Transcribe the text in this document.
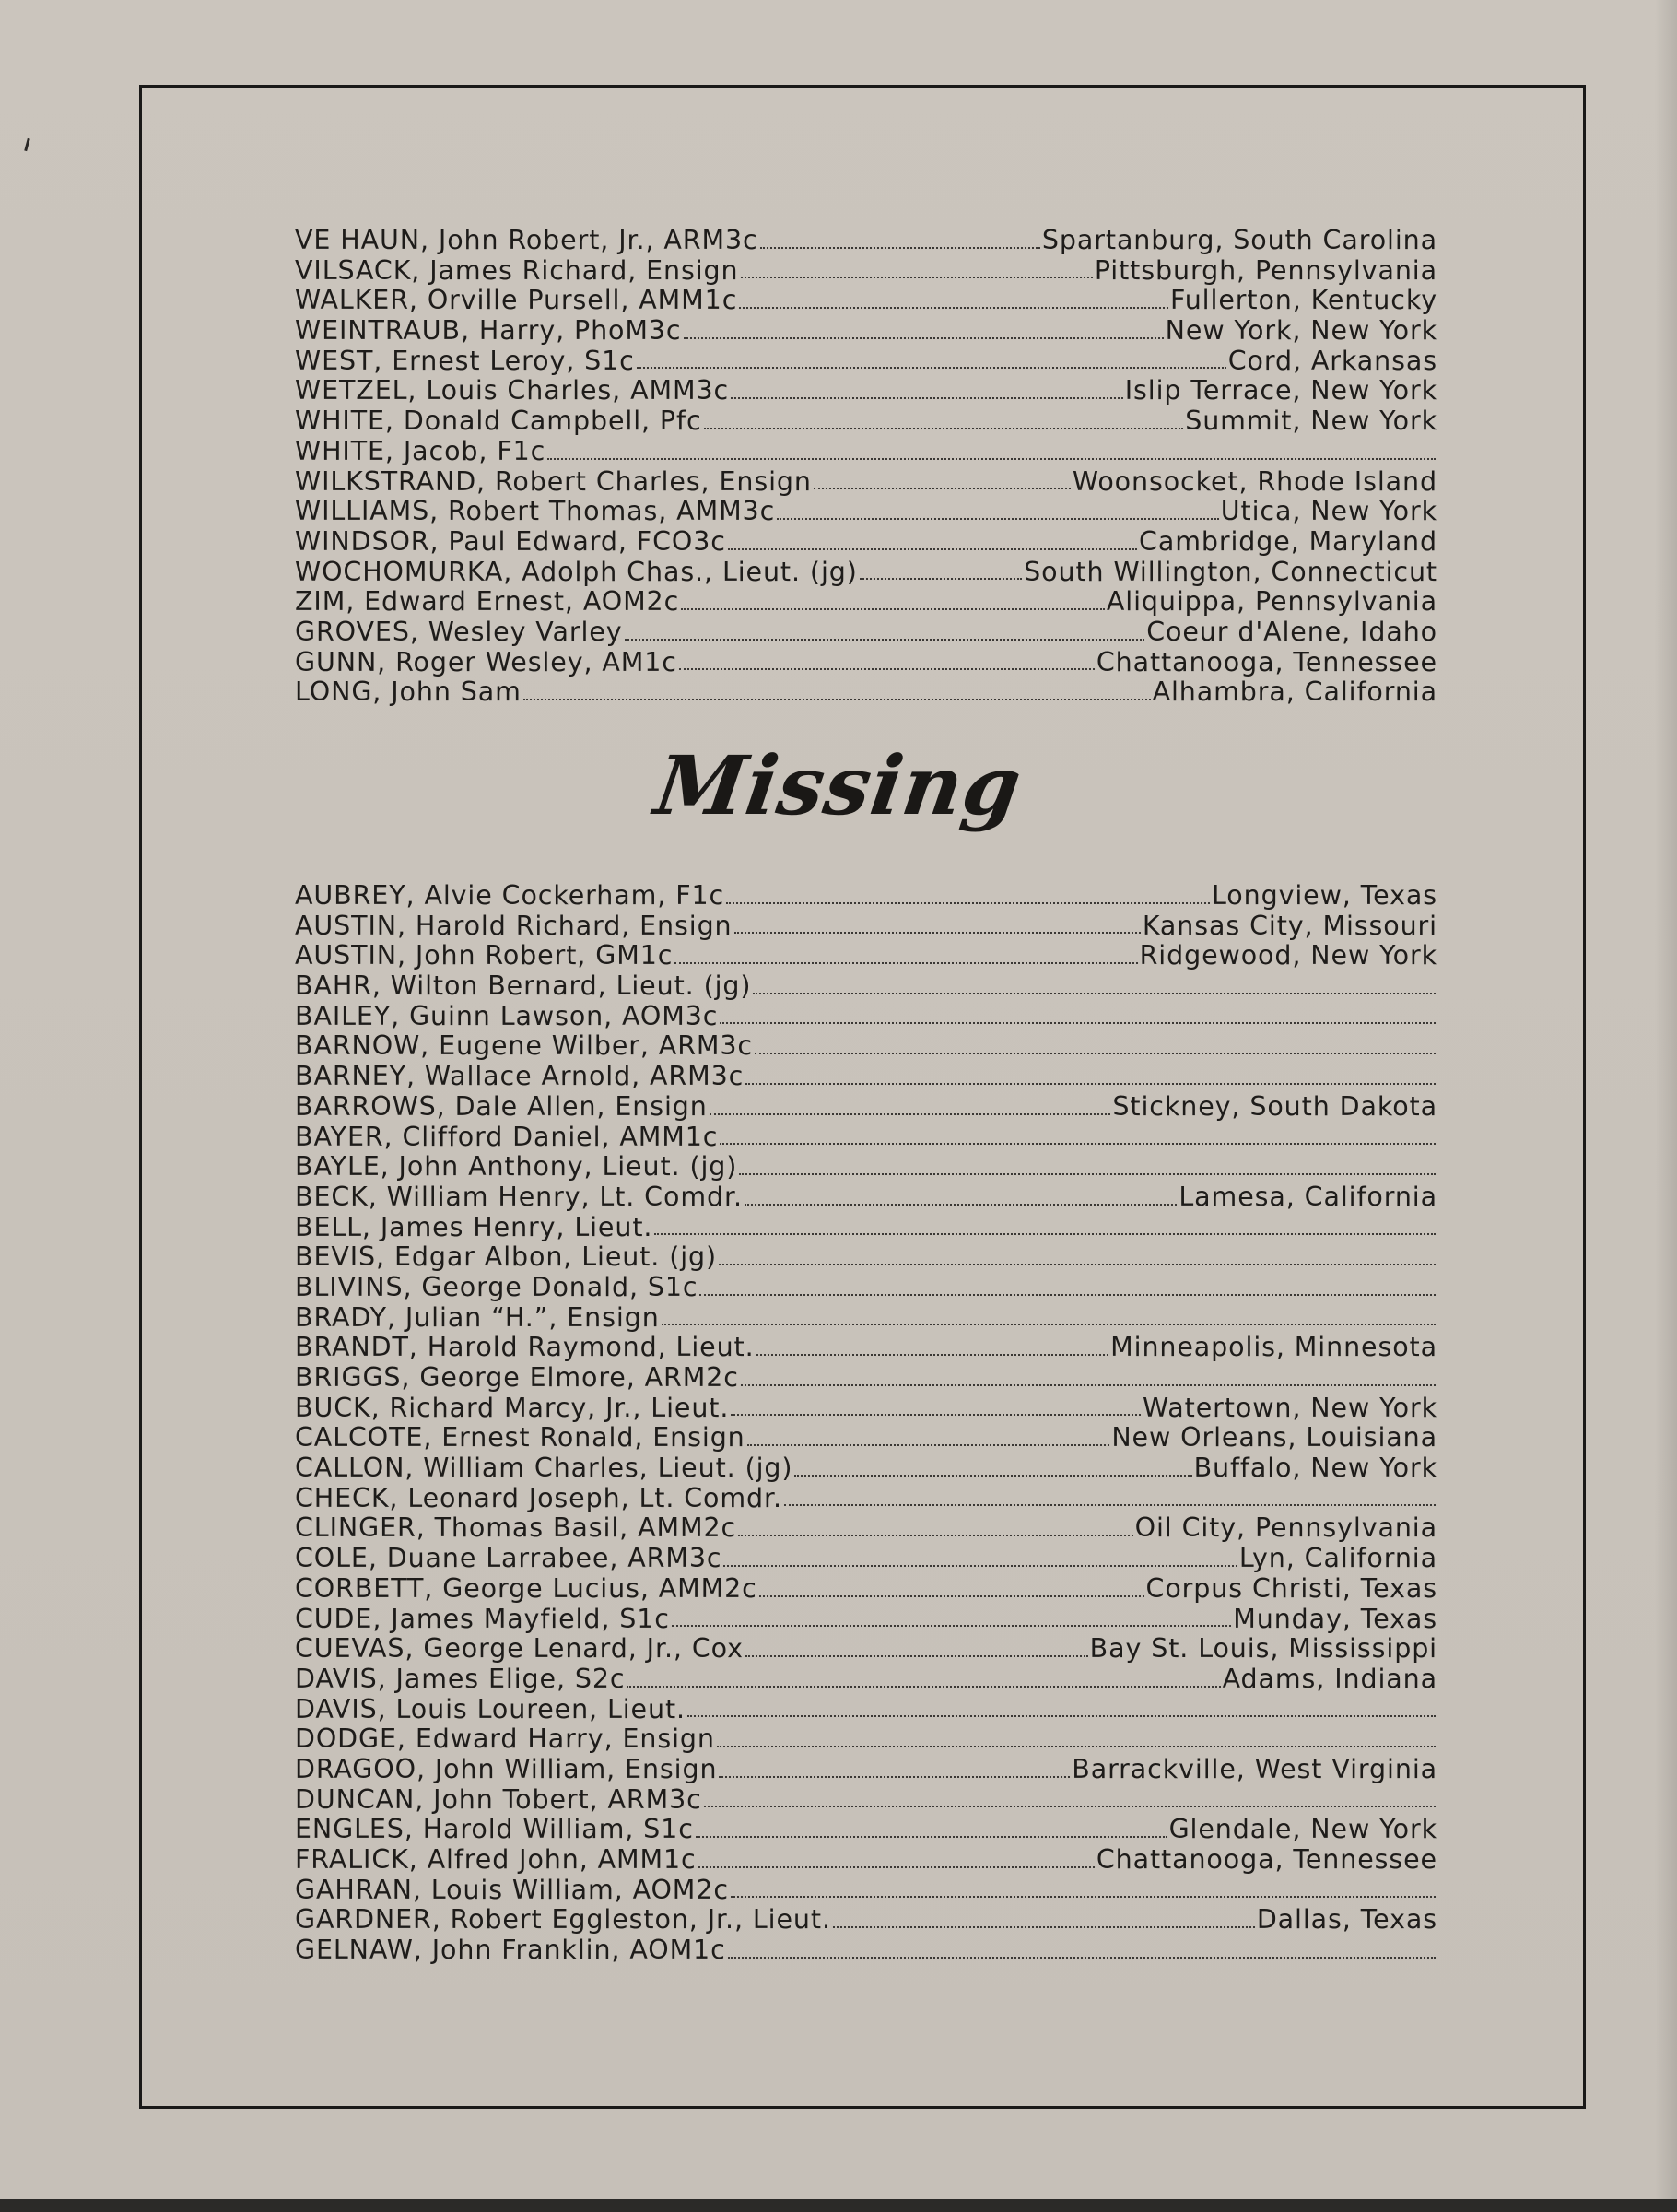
VE HAUN, John Robert, Jr., ARM3c	Spartanburg, South Carolina
VILSACK, James Richard, Ensign	Pittsburgh, Pennsylvania
WALKER, Orville Pursell, AMM1c	Fullerton, Kentucky
WEINTRAUB, Harry, PhoM3c	New York, New York
WEST, Ernest Leroy, S1c	Cord, Arkansas
WETZEL, Louis Charles, AMM3c	Islip Terrace, New York
WHITE, Donald Campbell, Pfc	Summit, New York
WHITE, Jacob, F1c
WILKSTRAND, Robert Charles, Ensign	Woonsocket, Rhode Island
WILLIAMS, Robert Thomas, AMM3c	Utica, New York
WINDSOR, Paul Edward, FCO3c	Cambridge, Maryland
WOCHOMURKA, Adolph Chas., Lieut. (jg)	South Willington, Connecticut
ZIM, Edward Ernest, AOM2c	Aliquippa, Pennsylvania
GROVES, Wesley Varley	Coeur d'Alene, Idaho
GUNN, Roger Wesley, AM1c	Chattanooga, Tennessee
LONG, John Sam	Alhambra, California
Missing
AUBREY, Alvie Cockerham, F1c	Longview, Texas
AUSTIN, Harold Richard, Ensign	Kansas City, Missouri
AUSTIN, John Robert, GM1c	Ridgewood, New York
BAHR, Wilton Bernard, Lieut. (jg)
BAILEY, Guinn Lawson, AOM3c
BARNOW, Eugene Wilber, ARM3c
BARNEY, Wallace Arnold, ARM3c
BARROWS, Dale Allen, Ensign	Stickney, South Dakota
BAYER, Clifford Daniel, AMM1c
BAYLE, John Anthony, Lieut. (jg)
BECK, William Henry, Lt. Comdr.	Lamesa, California
BELL, James Henry, Lieut.
BEVIS, Edgar Albon, Lieut. (jg)
BLIVINS, George Donald, S1c
BRADY, Julian “H.”, Ensign
BRANDT, Harold Raymond, Lieut.	Minneapolis, Minnesota
BRIGGS, George Elmore, ARM2c
BUCK, Richard Marcy, Jr., Lieut.	Watertown, New York
CALCOTE, Ernest Ronald, Ensign	New Orleans, Louisiana
CALLON, William Charles, Lieut. (jg)	Buffalo, New York
CHECK, Leonard Joseph, Lt. Comdr.
CLINGER, Thomas Basil, AMM2c	Oil City, Pennsylvania
COLE, Duane Larrabee, ARM3c	Lyn, California
CORBETT, George Lucius, AMM2c	Corpus Christi, Texas
CUDE, James Mayfield, S1c	Munday, Texas
CUEVAS, George Lenard, Jr., Cox	Bay St. Louis, Mississippi
DAVIS, James Elige, S2c	Adams, Indiana
DAVIS, Louis Loureen, Lieut.
DODGE, Edward Harry, Ensign
DRAGOO, John William, Ensign	Barrackville, West Virginia
DUNCAN, John Tobert, ARM3c
ENGLES, Harold William, S1c	Glendale, New York
FRALICK, Alfred John, AMM1c	Chattanooga, Tennessee
GAHRAN, Louis William, AOM2c
GARDNER, Robert Eggleston, Jr., Lieut.	Dallas, Texas
GELNAW, John Franklin, AOM1c
